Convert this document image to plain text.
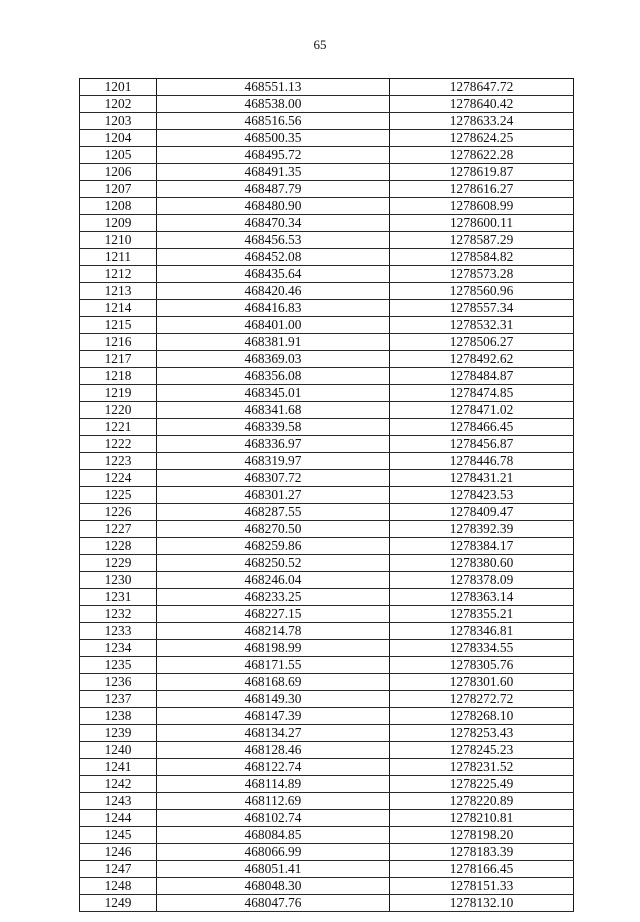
65
1201	468551.13	1278647.72
1202	468538.00	1278640.42
1203	468516.56	1278633.24
1204	468500.35	1278624.25
1205	468495.72	1278622.28
1206	468491.35	1278619.87
1207	468487.79	1278616.27
1208	468480.90	1278608.99
1209	468470.34	1278600.11
1210	468456.53	1278587.29
1211	468452.08	1278584.82
1212	468435.64	1278573.28
1213	468420.46	1278560.96
1214	468416.83	1278557.34
1215	468401.00	1278532.31
1216	468381.91	1278506.27
1217	468369.03	1278492.62
1218	468356.08	1278484.87
1219	468345.01	1278474.85
1220	468341.68	1278471.02
1221	468339.58	1278466.45
1222	468336.97	1278456.87
1223	468319.97	1278446.78
1224	468307.72	1278431.21
1225	468301.27	1278423.53
1226	468287.55	1278409.47
1227	468270.50	1278392.39
1228	468259.86	1278384.17
1229	468250.52	1278380.60
1230	468246.04	1278378.09
1231	468233.25	1278363.14
1232	468227.15	1278355.21
1233	468214.78	1278346.81
1234	468198.99	1278334.55
1235	468171.55	1278305.76
1236	468168.69	1278301.60
1237	468149.30	1278272.72
1238	468147.39	1278268.10
1239	468134.27	1278253.43
1240	468128.46	1278245.23
1241	468122.74	1278231.52
1242	468114.89	1278225.49
1243	468112.69	1278220.89
1244	468102.74	1278210.81
1245	468084.85	1278198.20
1246	468066.99	1278183.39
1247	468051.41	1278166.45
1248	468048.30	1278151.33
1249	468047.76	1278132.10
